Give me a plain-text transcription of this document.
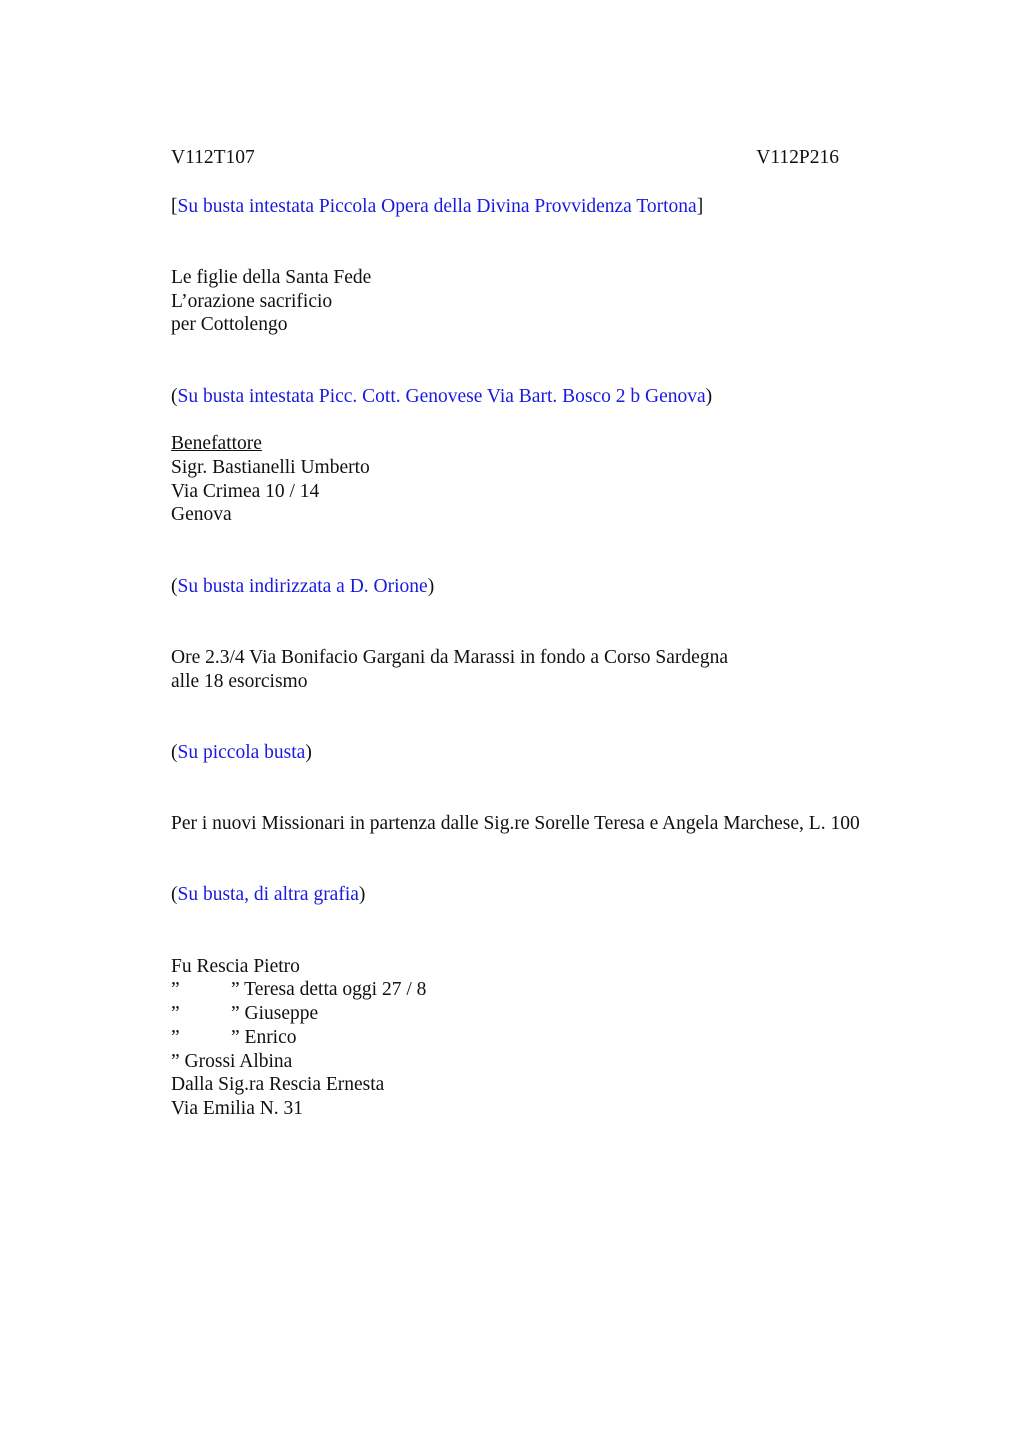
V112T107	V112P216
[Su busta intestata Piccola Opera della Divina Provvidenza Tortona]
Le figlie della Santa Fede
L’orazione sacrificio
per Cottolengo
(Su busta intestata Picc. Cott. Genovese Via Bart. Bosco 2 b Genova)
Benefattore
Sigr. Bastianelli Umberto
Via Crimea 10 / 14
Genova
(Su busta indirizzata a D. Orione)
Ore 2.3/4 Via Bonifacio Gargani da Marassi in fondo a Corso Sardegna
alle 18 esorcismo
(Su piccola busta)
Per i nuovi Missionari in partenza dalle Sig.re Sorelle Teresa e Angela Marchese, L. 100
(Su busta, di altra grafia)
Fu Rescia Pietro
”	” Teresa detta oggi 27 / 8
”	” Giuseppe
”	” Enrico
” Grossi Albina
Dalla Sig.ra Rescia Ernesta
Via Emilia N. 31
